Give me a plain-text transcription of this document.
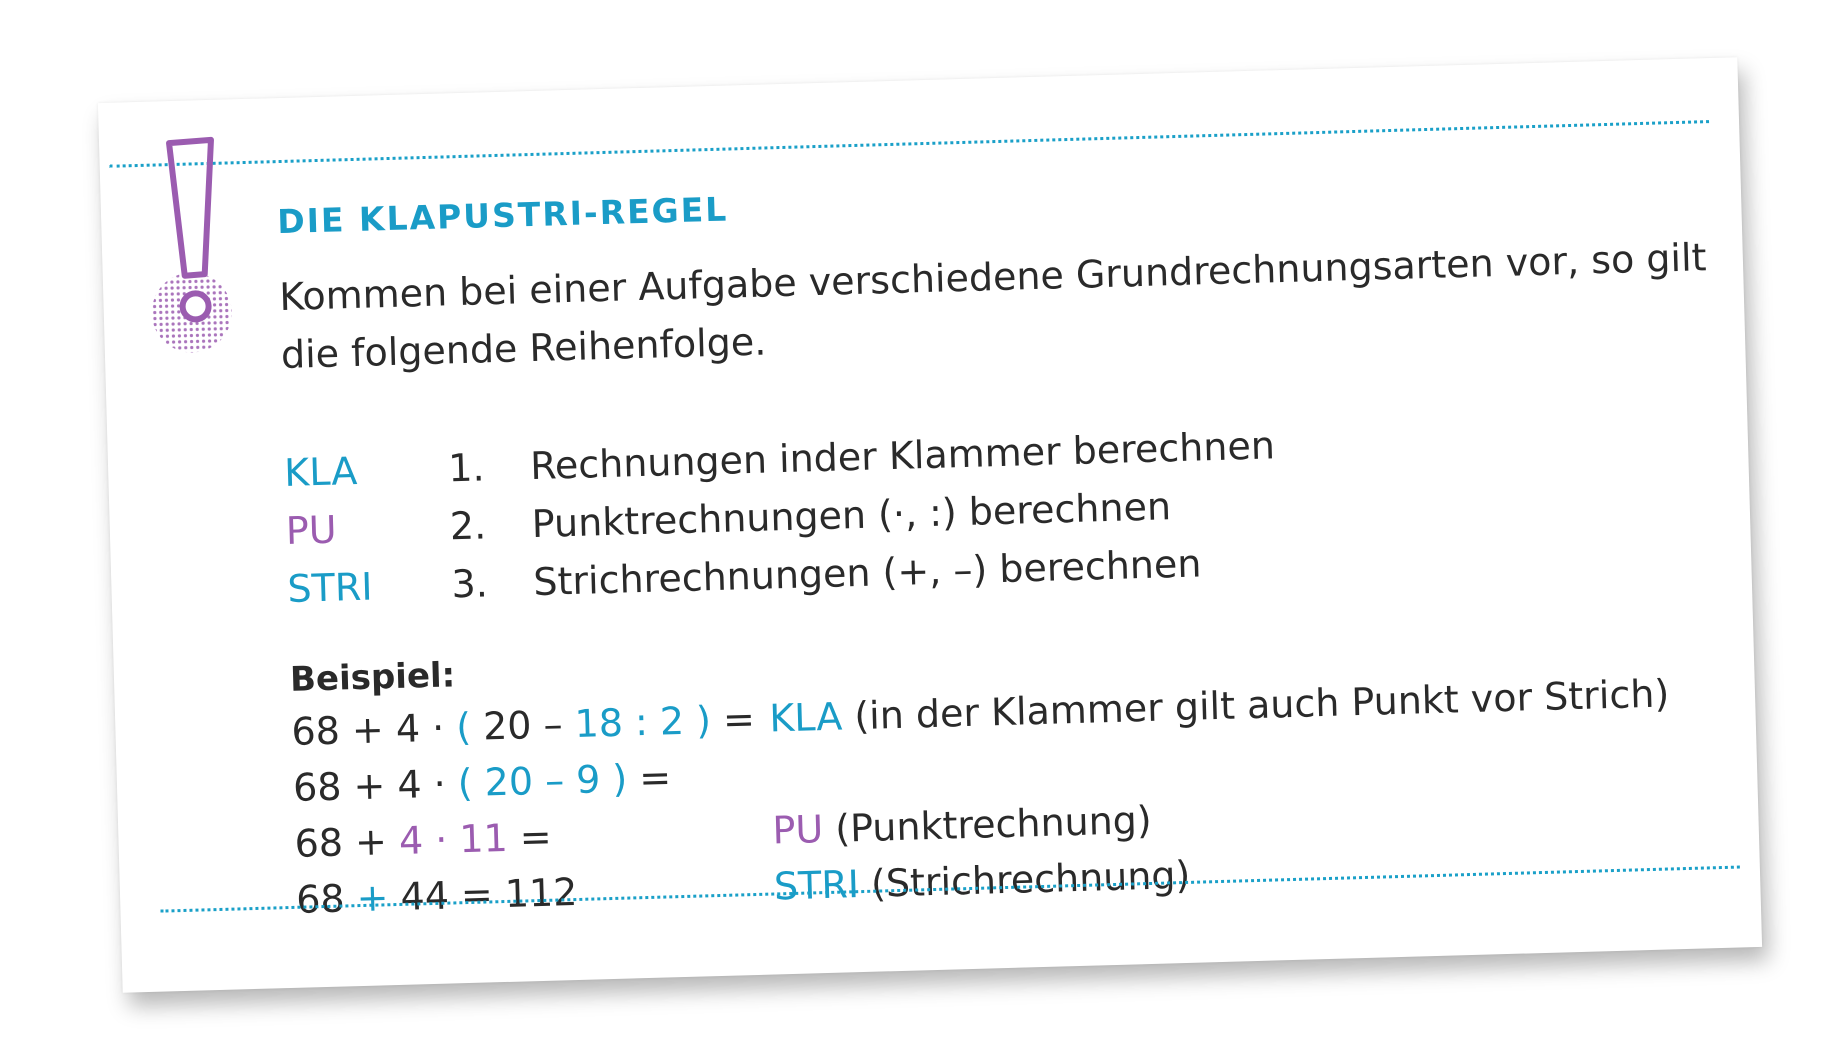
DIE KLAPUSTRI-REGEL

Kommen bei einer Aufgabe verschiedene Grundrechnungsarten vor, so gilt die folgende Reihenfolge.

KLA	1.	Rechnungen inder Klammer berechnen
PU	2.	Punktrechnungen (·, :) berechnen
STRI	3.	Strichrechnungen (+, –) berechnen

Beispiel:

68 + 4 · ( 20 – 18 : 2 ) =
68 + 4 · ( 20 – 9 ) =
68 + 4 · 11 =
68 + 44 = 112
KLA (in der Klammer gilt auch Punkt vor Strich)
PU (Punktrechnung)
STRI (Strichrechnung)
